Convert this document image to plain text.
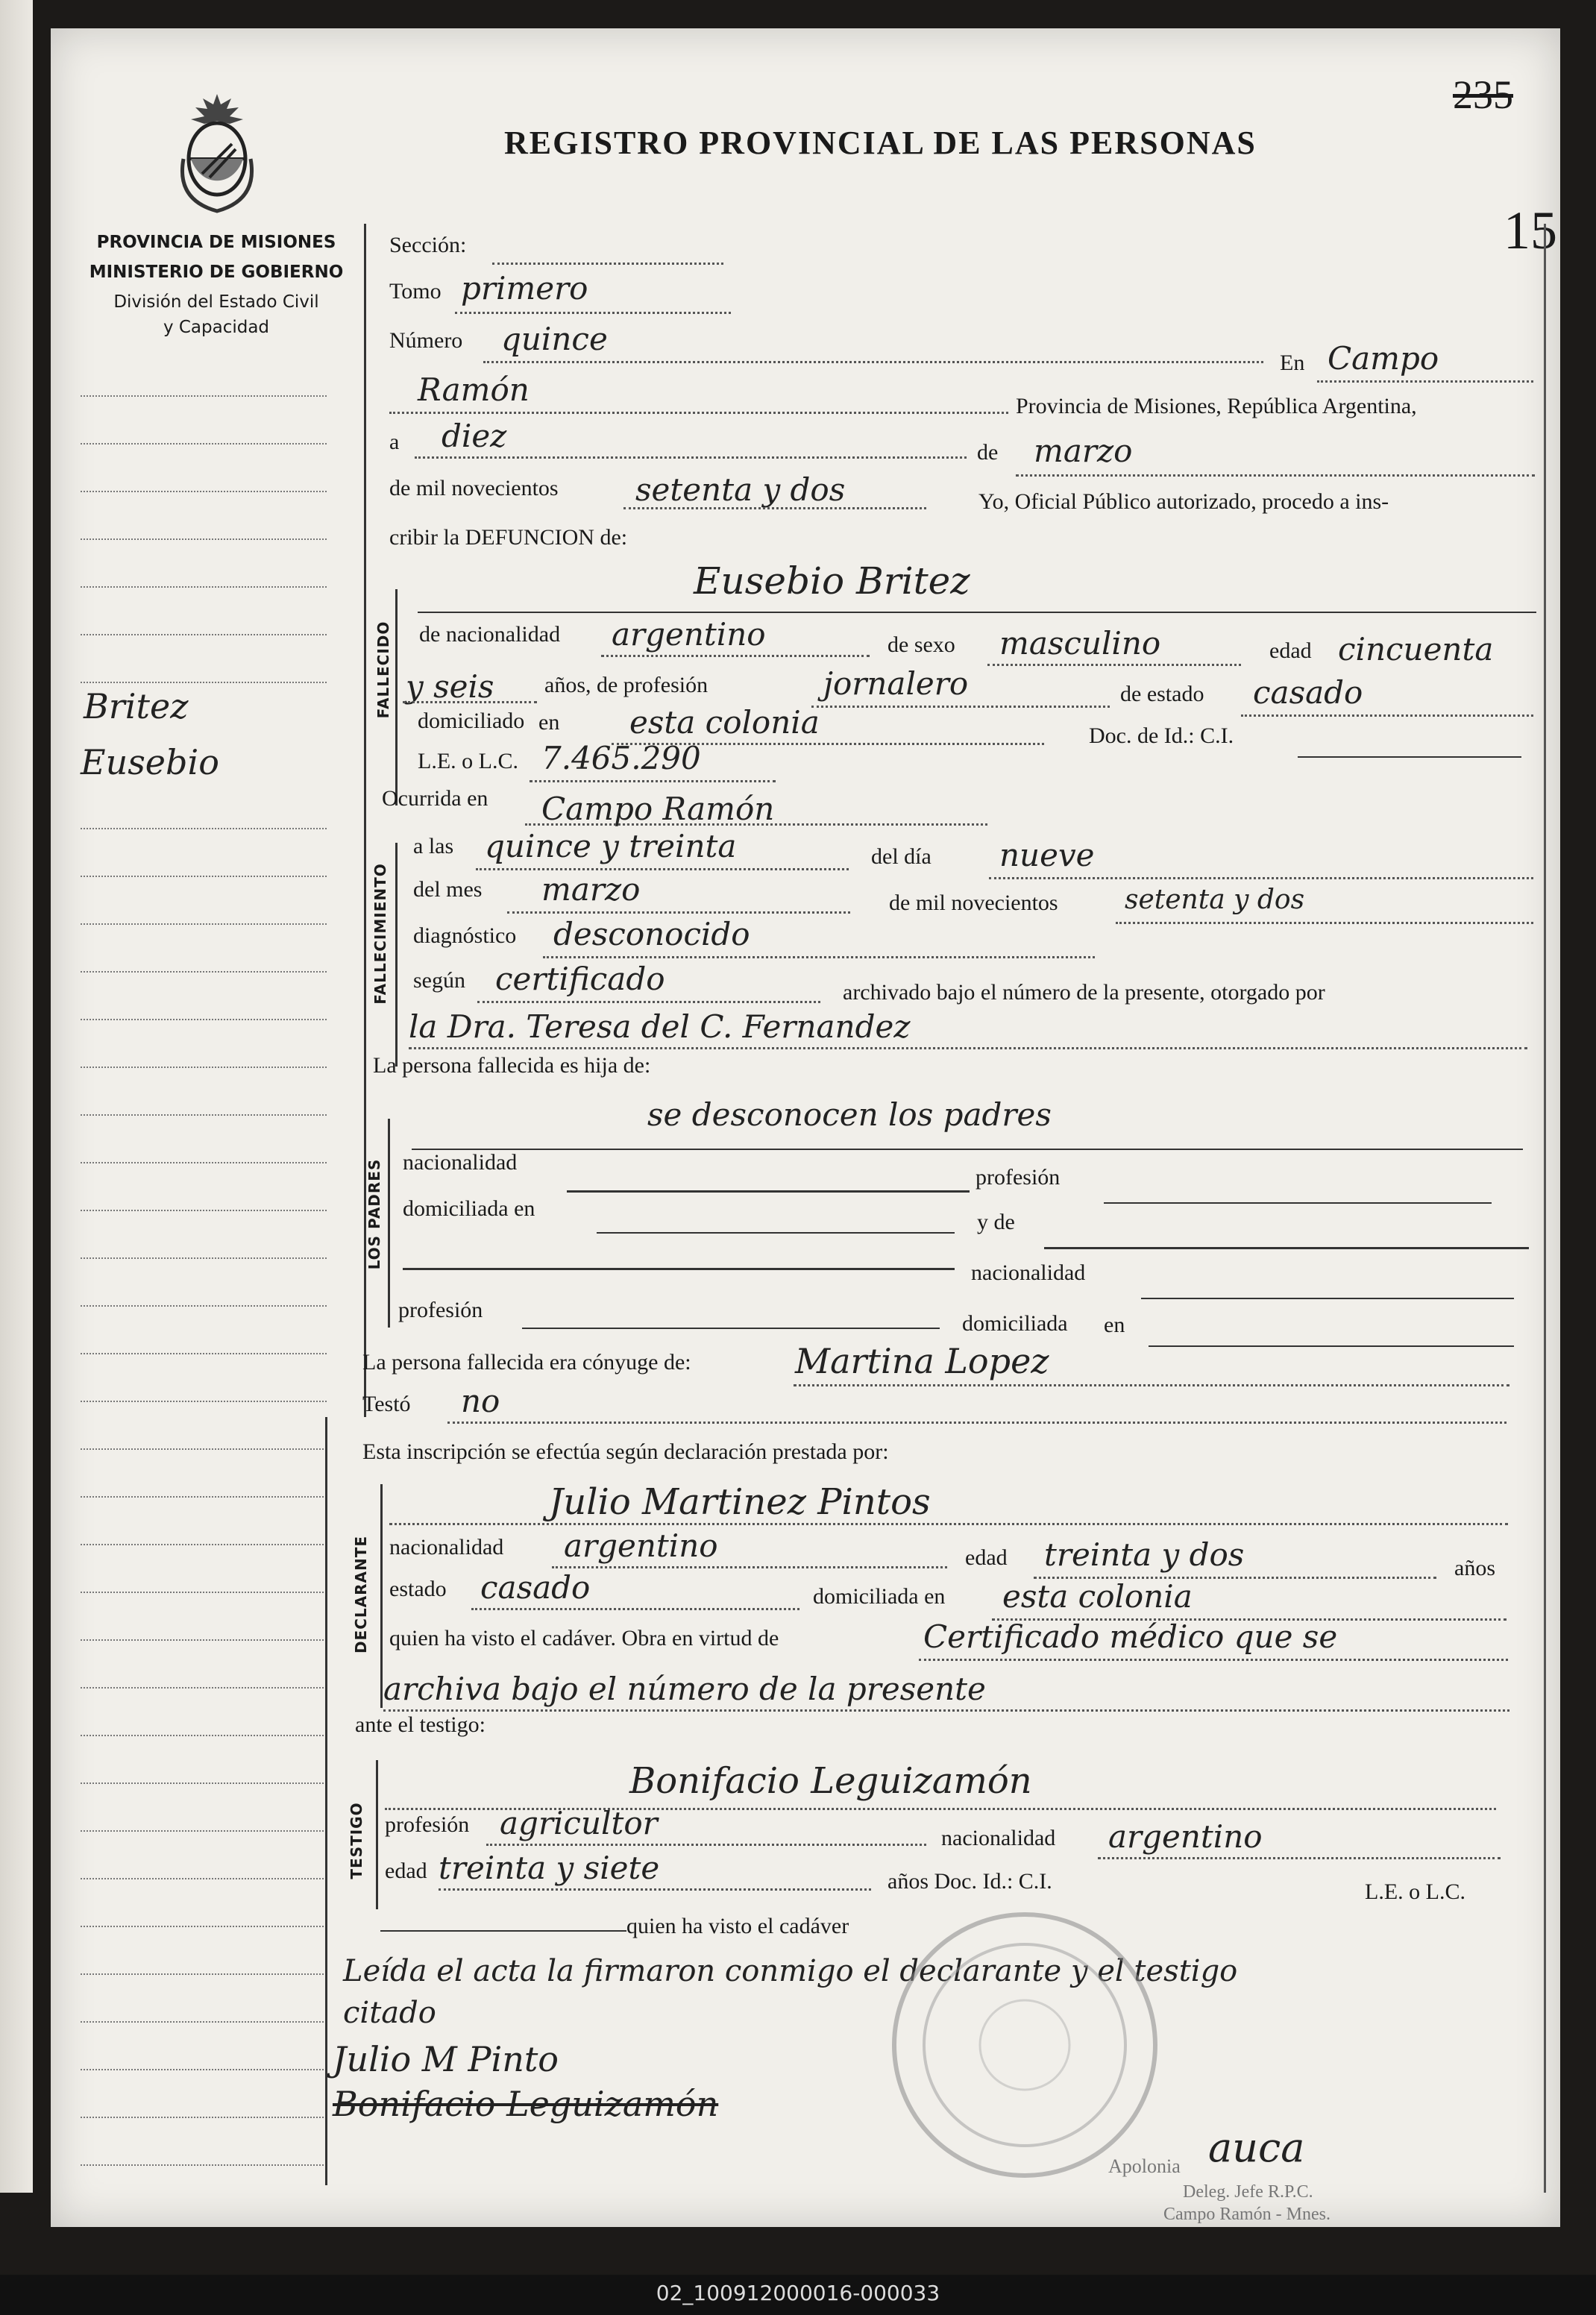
PROVINCIA DE MISIONES
MINISTERIO DE GOBIERNO
División del Estado Civil
y Capacidad
REGISTRO PROVINCIAL DE LAS PERSONAS
235
15
Britez
Eusebio
FALLECIDO
FALLECIMIENTO
LOS PADRES
DECLARANTE
TESTIGO
Sección:
Tomo primero
Número quince
En Campo
Ramón	Provincia de Misiones, República Argentina,
a diez	de marzo
de mil novecientos setenta y dos	Yo, Oficial Público autorizado, procedo a ins-
cribir la DEFUNCION de:
Eusebio Britez
de nacionalidad argentino	de sexo masculino	edad cincuenta
y seis años, de profesión	jornalero	de estado casado
domiciliado en esta colonia	Doc. de Id.: C.I.
L.E. o L.C. 7.465.290
Ocurrida en Campo Ramón
a las quince y treinta	del día nueve
del mes marzo	de mil novecientos setenta y dos
diagnóstico desconocido
según certificado	archivado bajo el número de la presente, otorgado por
la Dra. Teresa del C. Fernandez
La persona fallecida es hija de:
se desconocen los padres
nacionalidad
profesión
domiciliada en
y de
nacionalidad
profesión
domiciliada en
La persona fallecida era cónyuge de:	Martina Lopez
Testó no
Esta inscripción se efectúa según declaración prestada por:
Julio Martinez Pintos
nacionalidad argentino	edad treinta y dos	años
estado casado	domiciliada en esta colonia
quien ha visto el cadáver. Obra en virtud de	Certificado médico que se
archiva bajo el número de la presente
ante el testigo:
Bonifacio Leguizamón
profesión agricultor	nacionalidad argentino
edad treinta y siete	años Doc. Id.: C.I.	L.E. o L.C.
quien ha visto el cadáver
Leída el acta la firmaron conmigo el declarante y el testigo
citado
Julio M Pinto
Bonifacio Leguizamón
auca
Apolonia
Deleg. Jefe R.P.C.
Campo Ramón - Mnes.
02_100912000016-000033
